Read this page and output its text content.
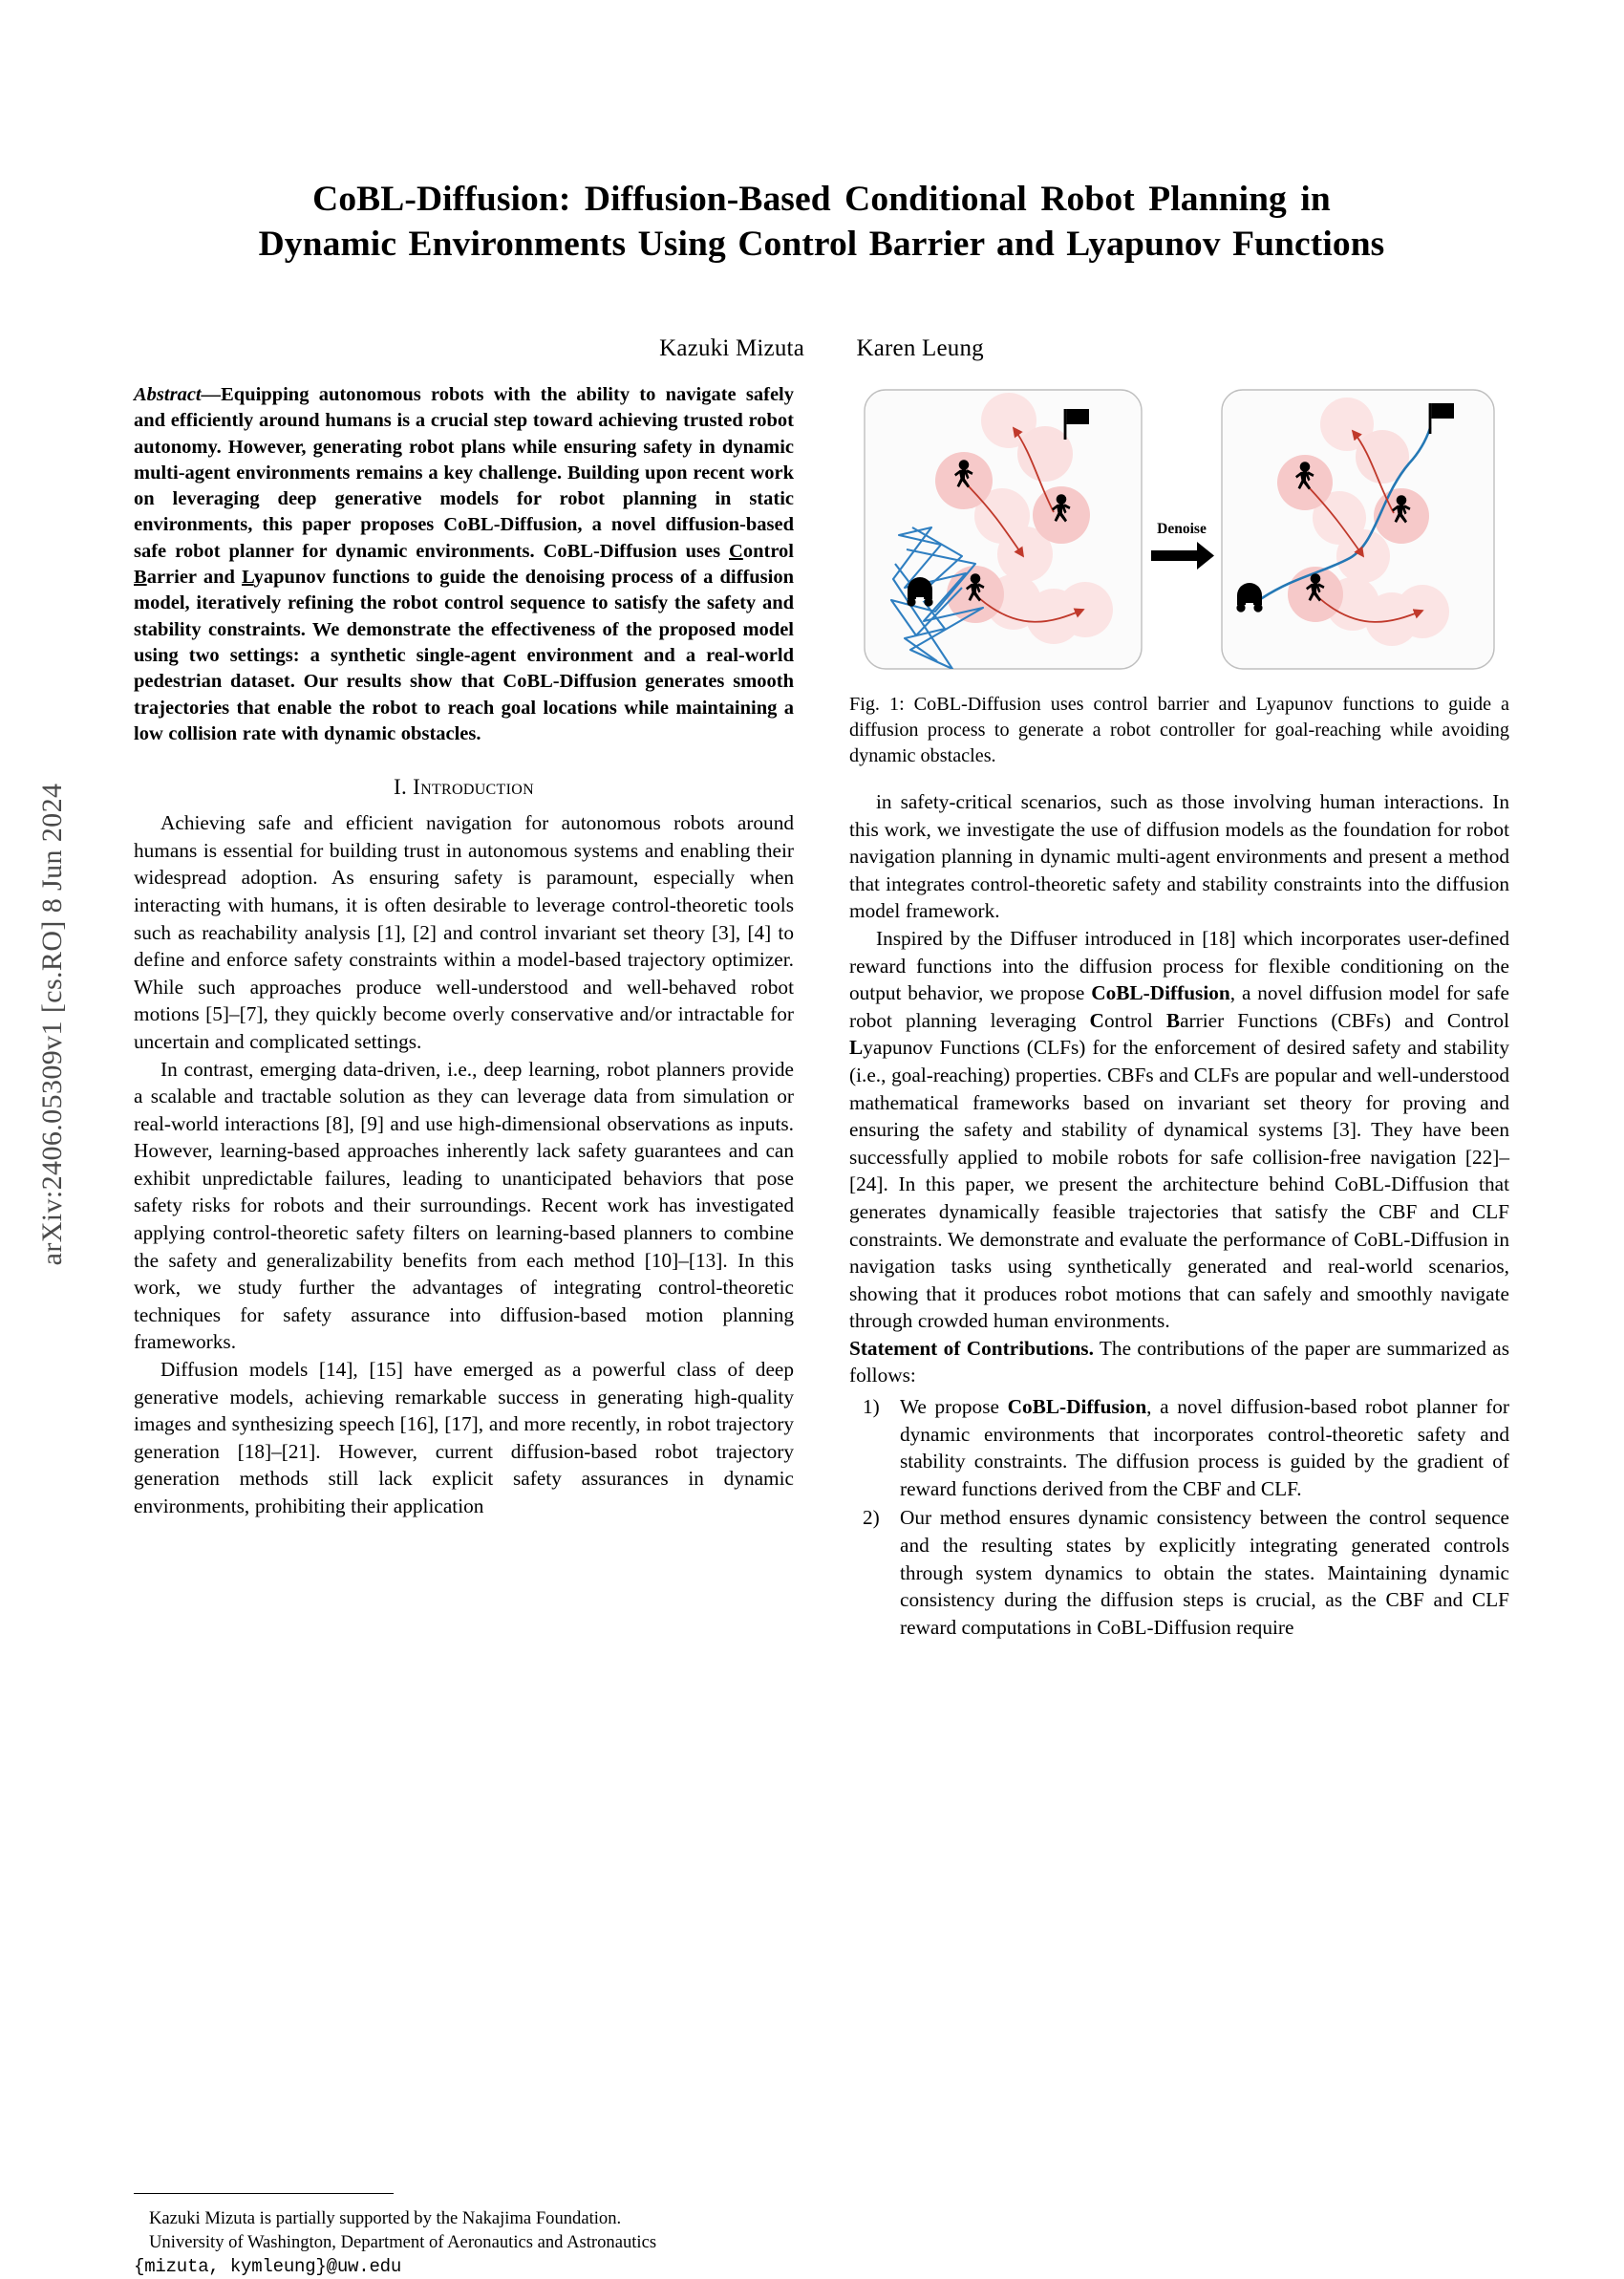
arXiv:2406.05309v1 [cs.RO] 8 Jun 2024
CoBL-Diffusion: Diffusion-Based Conditional Robot Planning in
Dynamic Environments Using Control Barrier and Lyapunov Functions
Kazuki Mizuta Karen Leung
Abstract—Equipping autonomous robots with the ability to navigate safely and efficiently around humans is a crucial step toward achieving trusted robot autonomy. However, generating robot plans while ensuring safety in dynamic multi-agent environments remains a key challenge. Building upon recent work on leveraging deep generative models for robot planning in static environments, this paper proposes CoBL-Diffusion, a novel diffusion-based safe robot planner for dynamic environments. CoBL-Diffusion uses Control Barrier and Lyapunov functions to guide the denoising process of a diffusion model, iteratively refining the robot control sequence to satisfy the safety and stability constraints. We demonstrate the effectiveness of the proposed model using two settings: a synthetic single-agent environment and a real-world pedestrian dataset. Our results show that CoBL-Diffusion generates smooth trajectories that enable the robot to reach goal locations while maintaining a low collision rate with dynamic obstacles.
I. Introduction

Achieving safe and efficient navigation for autonomous robots around humans is essential for building trust in autonomous systems and enabling their widespread adoption. As ensuring safety is paramount, especially when interacting with humans, it is often desirable to leverage control-theoretic tools such as reachability analysis [1], [2] and control invariant set theory [3], [4] to define and enforce safety constraints within a model-based trajectory optimizer. While such approaches produce well-understood and well-behaved robot motions [5]–[7], they quickly become overly conservative and/or intractable for uncertain and complicated settings.

In contrast, emerging data-driven, i.e., deep learning, robot planners provide a scalable and tractable solution as they can leverage data from simulation or real-world interactions [8], [9] and use high-dimensional observations as inputs. However, learning-based approaches inherently lack safety guarantees and can exhibit unpredictable failures, leading to unanticipated behaviors that pose safety risks for robots and their surroundings. Recent work has investigated applying control-theoretic safety filters on learning-based planners to combine the safety and generalizability benefits from each method [10]–[13]. In this work, we study further the advantages of integrating control-theoretic techniques for safety assurance into diffusion-based motion planning frameworks.

Diffusion models [14], [15] have emerged as a powerful class of deep generative models, achieving remarkable success in generating high-quality images and synthesizing speech [16], [17], and more recently, in robot trajectory generation [18]–[21]. However, current diffusion-based robot trajectory generation methods still lack explicit safety assurances in dynamic environments, prohibiting their application

Kazuki Mizuta is partially supported by the Nakajima Foundation.
University of Washington, Department of Aeronautics and Astronautics
{mizuta, kymleung}@uw.edu
Denoise

Fig. 1: CoBL-Diffusion uses control barrier and Lyapunov functions to guide a diffusion process to generate a robot controller for goal-reaching while avoiding dynamic obstacles.

in safety-critical scenarios, such as those involving human interactions. In this work, we investigate the use of diffusion models as the foundation for robot navigation planning in dynamic multi-agent environments and present a method that integrates control-theoretic safety and stability constraints into the diffusion model framework.

Inspired by the Diffuser introduced in [18] which incorporates user-defined reward functions into the diffusion process for flexible conditioning on the output behavior, we propose CoBL-Diffusion, a novel diffusion model for safe robot planning leveraging Control Barrier Functions (CBFs) and Control Lyapunov Functions (CLFs) for the enforcement of desired safety and stability (i.e., goal-reaching) properties. CBFs and CLFs are popular and well-understood mathematical frameworks based on invariant set theory for proving and ensuring the safety and stability of dynamical systems [3]. They have been successfully applied to mobile robots for safe collision-free navigation [22]–[24]. In this paper, we present the architecture behind CoBL-Diffusion that generates dynamically feasible trajectories that satisfy the CBF and CLF constraints. We demonstrate and evaluate the performance of CoBL-Diffusion in navigation tasks using synthetically generated and real-world scenarios, showing that it produces robot motions that can safely and smoothly navigate through crowded human environments.

Statement of Contributions. The contributions of the paper are summarized as follows:

We propose CoBL-Diffusion, a novel diffusion-based robot planner for dynamic environments that incorporates control-theoretic safety and stability constraints. The diffusion process is guided by the gradient of reward functions derived from the CBF and CLF.
Our method ensures dynamic consistency between the control sequence and the resulting states by explicitly integrating generated controls through system dynamics to obtain the states. Maintaining dynamic consistency during the diffusion steps is crucial, as the CBF and CLF reward computations in CoBL-Diffusion require
